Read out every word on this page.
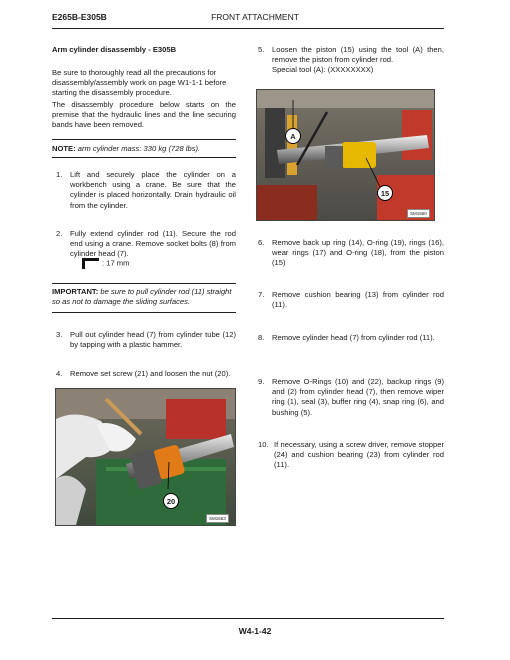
E265B-E305B	FRONT ATTACHMENT
Arm cylinder disassembly - E305B
Be sure to thoroughly read all the precautions for disassembly/assembly work on page W1-1-1 before starting the disassembly procedure.
The disassembly procedure below starts on the premise that the hydraulic lines and the line securing bands have been removed.
NOTE: arm cylinder mass: 330 kg (728 lbs).
1.	Lift and securely place the cylinder on a workbench using a crane. Be sure that the cylinder is placed horizontally. Drain hydraulic oil from the cylinder.
2.	Fully extend cylinder rod (11). Secure the rod end using a crane. Remove socket bolts (8) from cylinder head (7).
: 17 mm
IMPORTANT: be sure to pull cylinder rod (11) straight so as not to damage the sliding surfaces.
3.	Pull out cylinder head (7) from cylinder tube (12) by tapping with a plastic hammer.
4.	Remove set screw (21) and loosen the nut (20).
20
SM1663
5.	Loosen the piston (15) using the tool (A) then, remove the piston from cylinder rod.
Special tool (A): (XXXXXXXX)
A
15
SM1660
6.	Remove back up ring (14), O-ring (19), rings (16), wear rings (17) and O-ring (18), from the piston (15)
7.	Remove cushion bearing (13) from cylinder rod (11).
8.	Remove cylinder head (7) from cylinder rod (11).
9.	Remove O-Rings (10) and (22), backup rings (9) and (2) from cylinder head (7), then remove wiper ring (1), seal (3), buffer ring (4), snap ring (6), and bushing (5).
10. If necessary, using a screw driver, remove stopper (24) and cushion bearing (23) from cylinder rod (11).
W4-1-42
